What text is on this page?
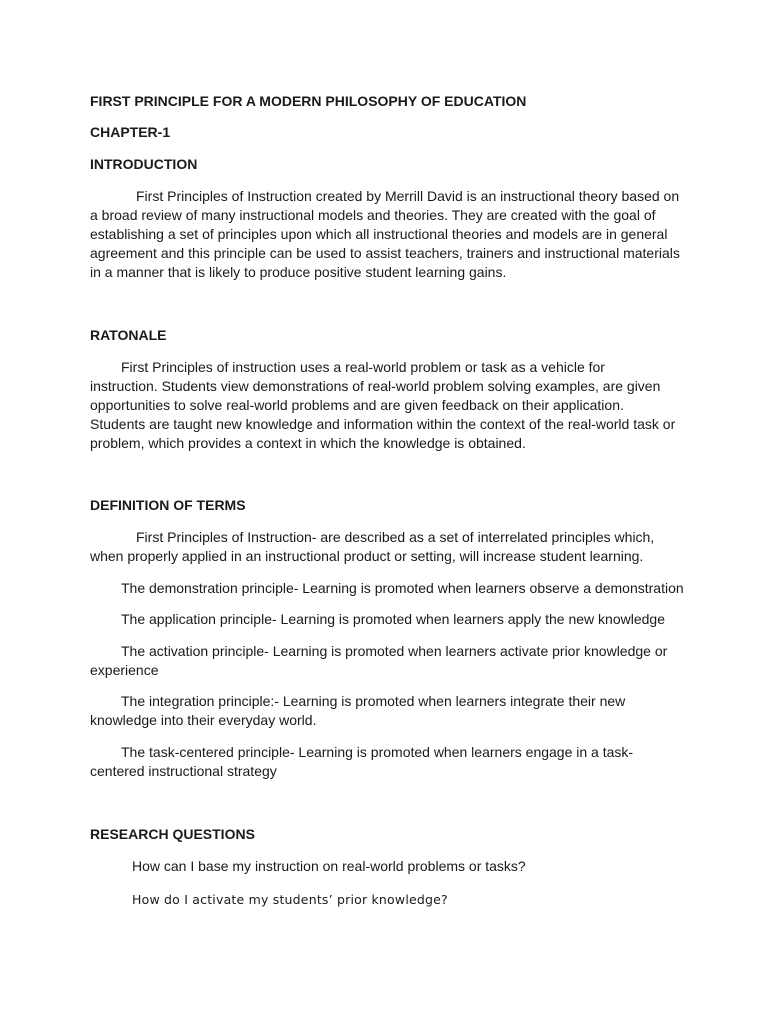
FIRST PRINCIPLE FOR A MODERN PHILOSOPHY OF EDUCATION

CHAPTER-1

INTRODUCTION

First Principles of Instruction created by Merrill David is an instructional theory based on a broad review of many instructional models and theories. They are created with the goal of establishing a set of principles upon which all instructional theories and models are in general agreement and this principle can be used to assist teachers, trainers and instructional materials in a manner that is likely to produce positive student learning gains.

RATONALE

First Principles of instruction uses a real-world problem or task as a vehicle for instruction. Students view demonstrations of real-world problem solving examples, are given opportunities to solve real-world problems and are given feedback on their application. Students are taught new knowledge and information within the context of the real-world task or problem, which provides a context in which the knowledge is obtained.

DEFINITION OF TERMS

First Principles of Instruction- are described as a set of interrelated principles which, when properly applied in an instructional product or setting, will increase student learning.

The demonstration principle- Learning is promoted when learners observe a demonstration

The application principle- Learning is promoted when learners apply the new knowledge

The activation principle- Learning is promoted when learners activate prior knowledge or experience

The integration principle:- Learning is promoted when learners integrate their new knowledge into their everyday world.

The task-centered principle- Learning is promoted when learners engage in a task-centered instructional strategy

RESEARCH QUESTIONS

How can I base my instruction on real-world problems or tasks?

How do I activate my students’ prior knowledge?
